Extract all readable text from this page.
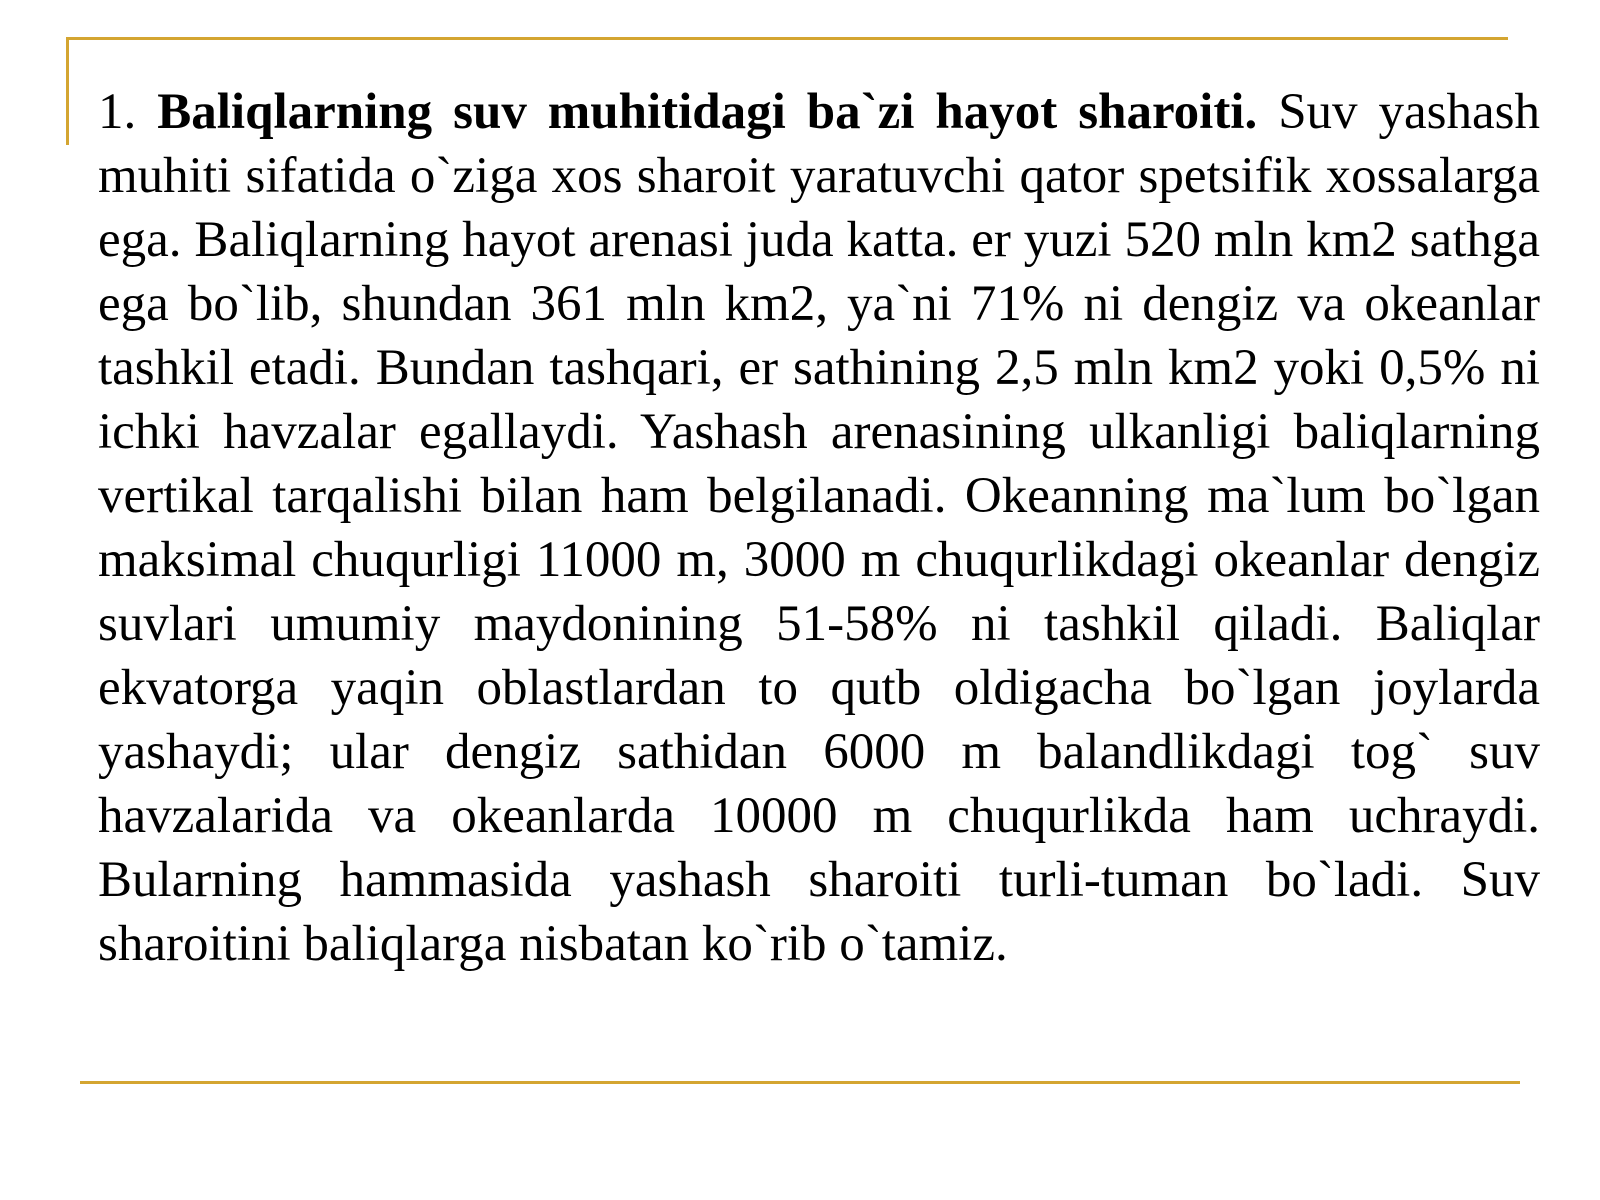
1. Baliqlarning suv muhitidagi ba`zi hayot sharoiti. Suv yashash muhiti sifatida o`ziga xos sharoit yaratuvchi qator spetsifik xossalarga ega. Baliqlarning hayot arenasi juda katta. er yuzi 520 mln km2 sathga ega bo`lib, shundan 361 mln km2, ya`ni 71% ni dengiz va okeanlar tashkil etadi. Bundan tashqari, er sathining 2,5 mln km2 yoki 0,5% ni ichki havzalar egallaydi. Yashash arenasining ulkanligi baliqlarning vertikal tarqalishi bilan ham belgilanadi. Okeanning ma`lum bo`lgan maksimal chuqurligi 11000 m, 3000 m chuqurlikdagi okeanlar dengiz suvlari umumiy maydonining 51-58% ni tashkil qiladi. Baliqlar ekvatorga yaqin oblastlardan to qutb oldigacha bo`lgan joylarda yashaydi; ular dengiz sathidan 6000 m balandlikdagi tog` suv havzalarida va okeanlarda 10000 m chuqurlikda ham uchraydi. Bularning hammasida yashash sharoiti turli-tuman bo`ladi. Suv sharoitini baliqlarga nisbatan ko`rib o`tamiz.
